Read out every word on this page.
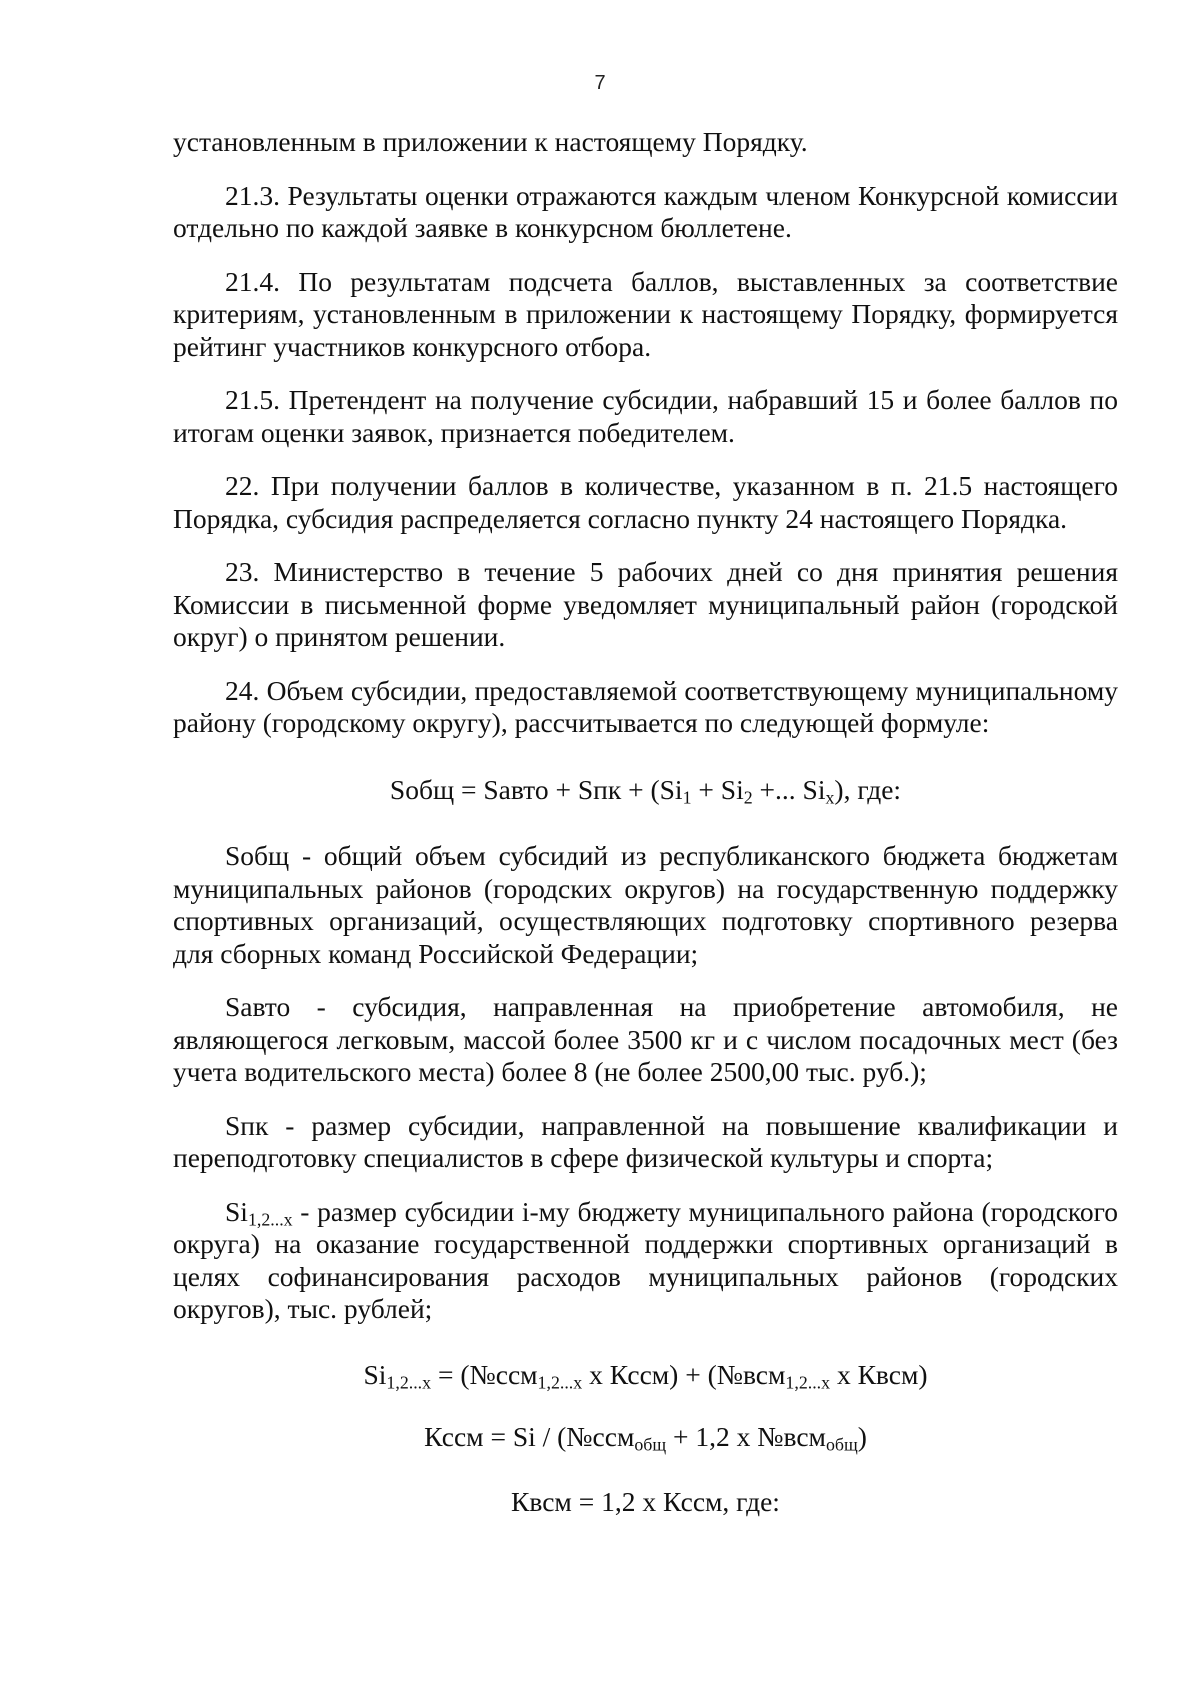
7

установленным в приложении к настоящему Порядку.

21.3. Результаты оценки отражаются каждым членом Конкурсной комиссии отдельно по каждой заявке в конкурсном бюллетене.

21.4. По результатам подсчета баллов, выставленных за соответствие критериям, установленным в приложении к настоящему Порядку, формируется рейтинг участников конкурсного отбора.

21.5. Претендент на получение субсидии, набравший 15 и более баллов по итогам оценки заявок, признается победителем.

22. При получении баллов в количестве, указанном в п. 21.5 настоящего Порядка, субсидия распределяется согласно пункту 24 настоящего Порядка.

23. Министерство в течение 5 рабочих дней со дня принятия решения Комиссии в письменной форме уведомляет муниципальный район (городской округ) о принятом решении.

24. Объем субсидии, предоставляемой соответствующему муниципальному району (городскому округу), рассчитывается по следующей формуле:

Sобщ = Sавто + Sпк + ($Si_1 + Si_2$ +... $Si_x$), где:

Sобщ - общий объем субсидий из республиканского бюджета бюджетам муниципальных районов (городских округов) на государственную поддержку спортивных организаций, осуществляющих подготовку спортивного резерва для сборных команд Российской Федерации;

Sавто - субсидия, направленная на приобретение автомобиля, не являющегося легковым, массой более 3500 кг и с числом посадочных мест (без учета водительского места) более 8 (не более 2500,00 тыс. руб.);

Sпк - размер субсидии, направленной на повышение квалификации и переподготовку специалистов в сфере физической культуры и спорта;

$Si_{1,2...x}$ - размер субсидии i-му бюджету муниципального района (городского округа) на оказание государственной поддержки спортивных организаций в целях софинансирования расходов муниципальных районов (городских округов), тыс. рублей;

$Si_{1,2...x}$ = (№ссм$_{1,2...x}$ х Кссм) + (№всм$_{1,2...x}$ х Квсм)

Кссм = Si / (№ссм$_{общ}$ + 1,2 х №всм$_{общ}$)

Квсм = 1,2 х Кссм, где:
